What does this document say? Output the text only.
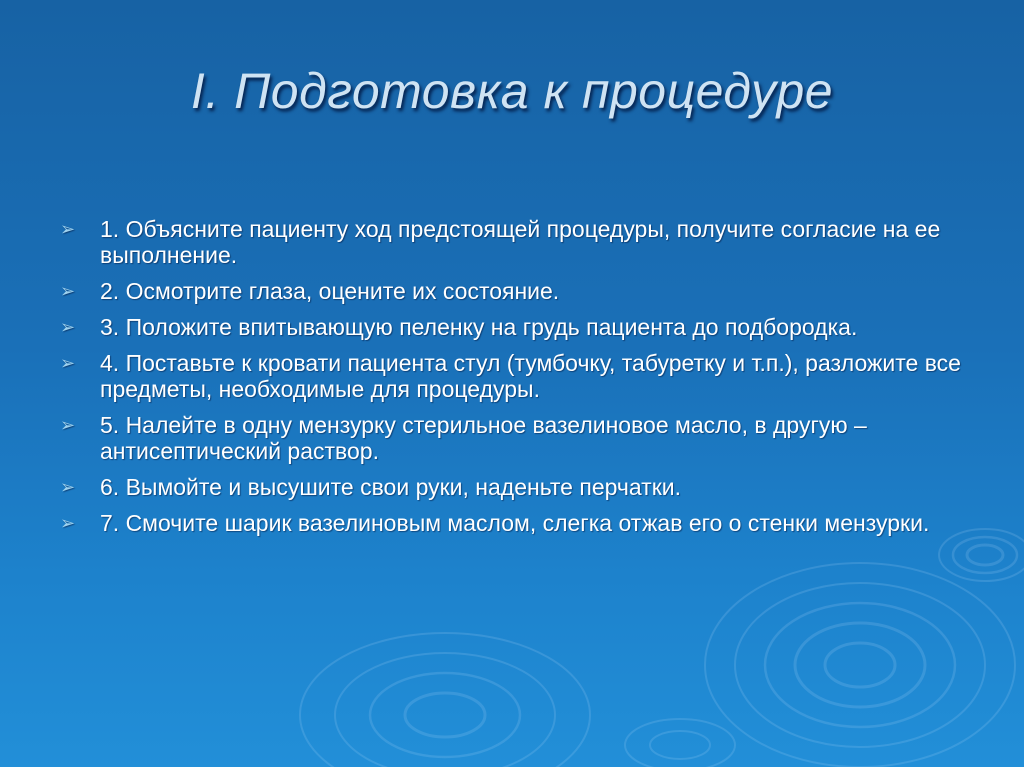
I. Подготовка к процедуре
➢	1. Объясните пациенту ход предстоящей процедуры, получите согласие на ее выполнение.
➢	2. Осмотрите глаза, оцените их состояние.
➢	3. Положите впитывающую пеленку на грудь пациента до подбородка.
➢	4. Поставьте к кровати пациента стул (тумбочку, табуретку и т.п.), разложите все предметы, необходимые для процедуры.
➢	5. Налейте в одну мензурку стерильное вазелиновое масло, в другую – антисептический раствор.
➢	6. Вымойте и высушите свои руки, наденьте перчатки.
➢	7. Смочите шарик вазелиновым маслом, слегка отжав его о стенки мензурки.
